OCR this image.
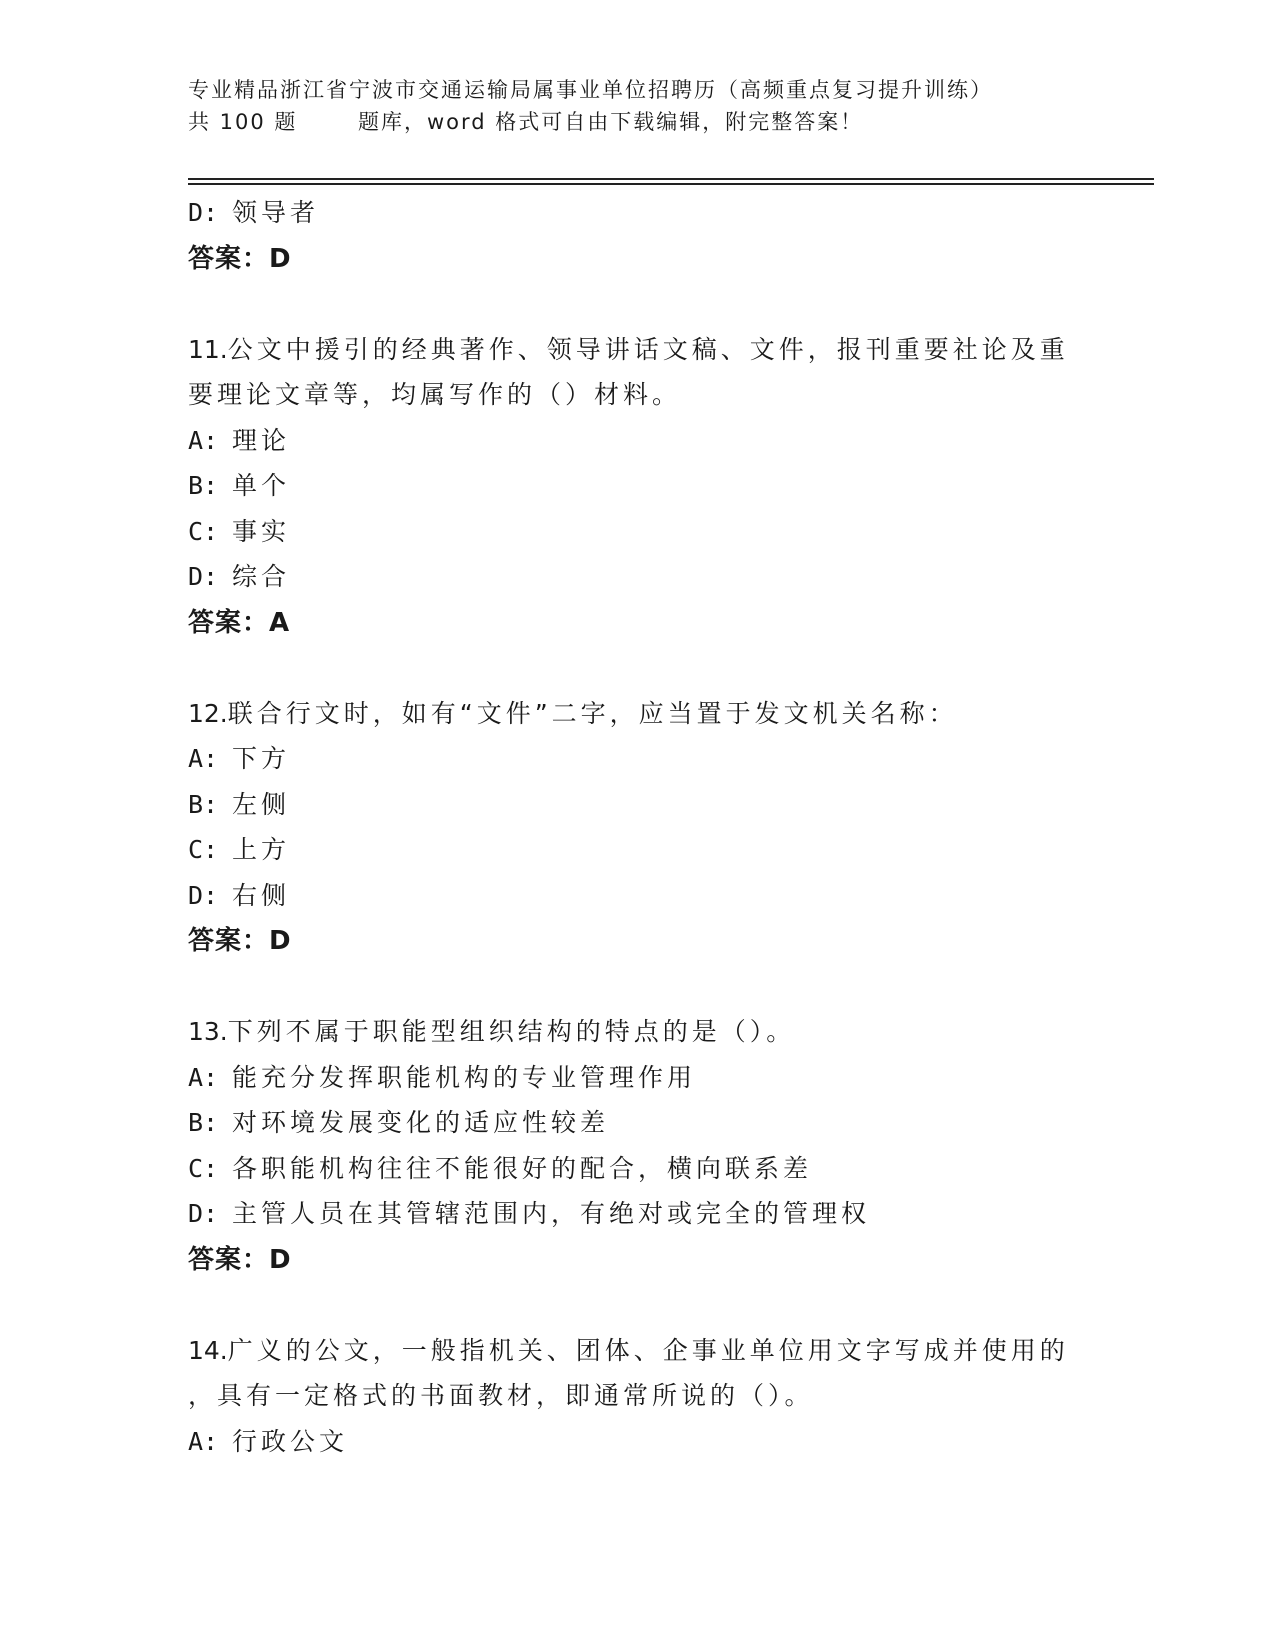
专业精品浙江省宁波市交通运输局属事业单位招聘历（高频重点复习提升训练）
共 100 题	题库，word 格式可自由下载编辑，附完整答案！
D: 领导者
答案：D
11.公文中援引的经典著作、领导讲话文稿、文件，报刊重要社论及重
要理论文章等，均属写作的（）材料。
A: 理论
B: 单个
C: 事实
D: 综合
答案：A
12.联合行文时，如有“文件”二字，应当置于发文机关名称：
A: 下方
B: 左侧
C: 上方
D: 右侧
答案：D
13.下列不属于职能型组织结构的特点的是（）。
A: 能充分发挥职能机构的专业管理作用
B: 对环境发展变化的适应性较差
C: 各职能机构往往不能很好的配合，横向联系差
D: 主管人员在其管辖范围内，有绝对或完全的管理权
答案：D
14.广义的公文，一般指机关、团体、企事业单位用文字写成并使用的
，具有一定格式的书面教材，即通常所说的（）。
A: 行政公文
